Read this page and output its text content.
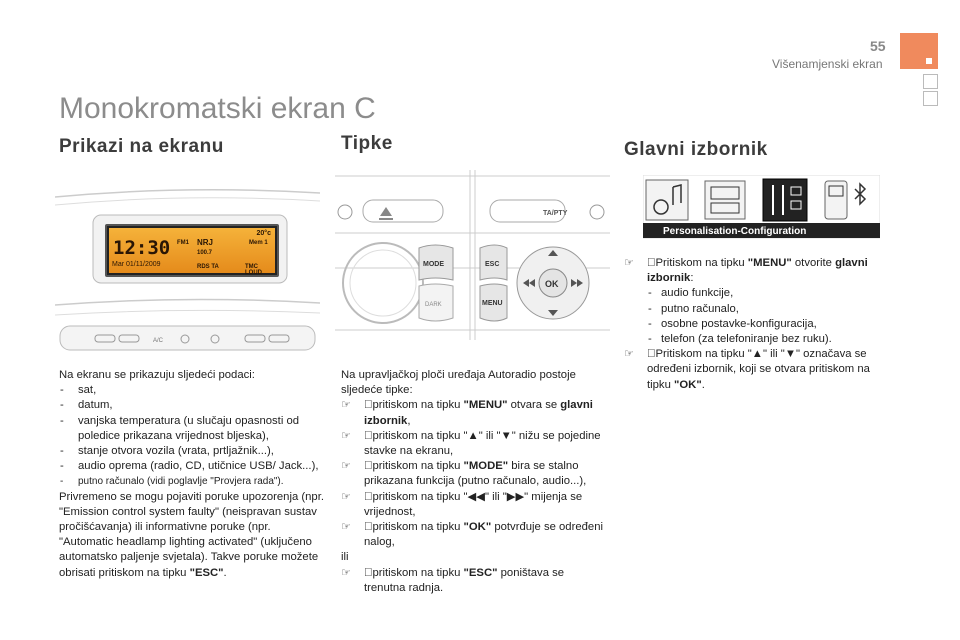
55
Višenamjenski ekran
Monokromatski ekran C
Prikazi na ekranu
A/C
20°c
12:30 FM1 NRJ	Mem 1
100.7
Mar 01/11/2009	RDS TA	TMC LOUD

Na ekranu se prikazuju sljedeći podaci:

- sat,
- datum,
- vanjska temperatura (u slučaju opasnosti od poledice prikazana vrijednost bljeska),
- stanje otvora vozila (vrata, prtljažnik...),
- audio oprema (radio, CD, utičnice USB/ Jack...),
- putno računalo (vidi poglavlje "Provjera rada").

Privremeno se mogu pojaviti poruke upozorenja (npr. "Emission control system faulty" (neispravan sustav pročišćavanja) ili informativne poruke (npr. "Automatic headlamp lighting activated" (uključeno automatsko paljenje svjetala). Takve poruke možete obrisati pritiskom na tipku "ESC".

Tipke
TA/PTY
MODE
DARK
ESC
MENU
OK

Na upravljačkoj ploči uređaja Autoradio postoje sljedeće tipke:

☞ pritiskom na tipku "MENU" otvara se glavni izbornik,
☞ pritiskom na tipku "▲" ili "▼" nižu se pojedine stavke na ekranu,
☞ pritiskom na tipku "MODE" bira se stalno prikazana funkcija (putno računalo, audio...),
☞ pritiskom na tipku "◀◀" ili "▶▶" mijenja se vrijednost,
☞ pritiskom na tipku "OK" potvrđuje se određeni nalog,

ili

☞ pritiskom na tipku "ESC" poništava se trenutna radnja.
Glavni izbornik
Personalisation-Configuration
☞ Pritiskom na tipku "MENU" otvorite glavni izbornik:
- audio funkcije,
- putno računalo,
- osobne postavke-konfiguracija,
- telefon (za telefoniranje bez ruku).
☞ Pritiskom na tipku "▲" ili "▼" označava se određeni izbornik, koji se otvara pritiskom na tipku "OK".
